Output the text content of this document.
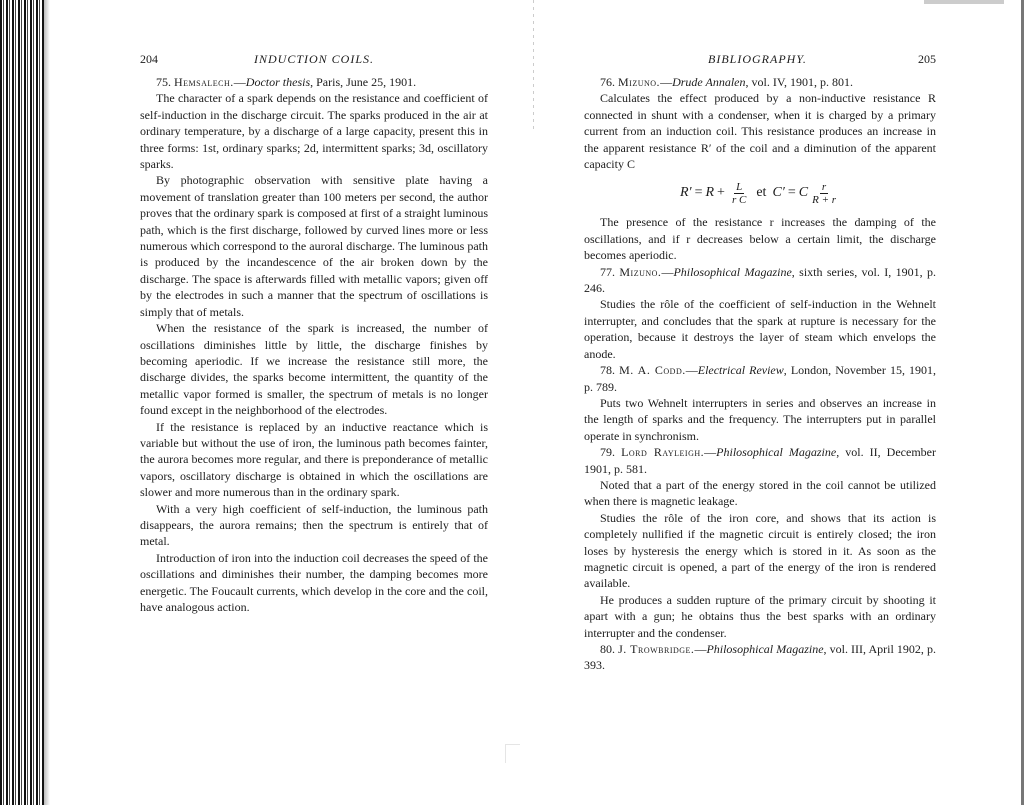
204	INDUCTION COILS.

75. Hemsalech.—Doctor thesis, Paris, June 25, 1901.

The character of a spark depends on the resistance and coefficient of self-induction in the discharge circuit. The sparks produced in the air at ordinary temperature, by a discharge of a large capacity, present this in three forms: 1st, ordinary sparks; 2d, intermittent sparks; 3d, oscillatory sparks.

By photographic observation with sensitive plate having a movement of translation greater than 100 meters per second, the author proves that the ordinary spark is composed at first of a straight luminous path, which is the first discharge, followed by curved lines more or less numerous which correspond to the auroral discharge. The luminous path is produced by the incandescence of the air broken down by the discharge. The space is afterwards filled with metallic vapors; given off by the electrodes in such a manner that the spectrum of oscillations is simply that of metals.

When the resistance of the spark is increased, the number of oscillations diminishes little by little, the discharge finishes by becoming aperiodic. If we increase the resistance still more, the discharge divides, the sparks become intermittent, the quantity of the metallic vapor formed is smaller, the spectrum of metals is no longer found except in the neighborhood of the electrodes.

If the resistance is replaced by an inductive reactance which is variable but without the use of iron, the luminous path becomes fainter, the aurora becomes more regular, and there is preponderance of metallic vapors, oscillatory discharge is obtained in which the oscillations are slower and more numerous than in the ordinary spark.

With a very high coefficient of self-induction, the luminous path disappears, the aurora remains; then the spectrum is entirely that of metal.

Introduction of iron into the induction coil decreases the speed of the oscillations and diminishes their number, the damping becomes more energetic. The Foucault currents, which develop in the core and the coil, have analogous action.

BIBLIOGRAPHY.	205

76. Mizuno.—Drude Annalen, vol. IV, 1901, p. 801.

Calculates the effect produced by a non-inductive resistance R connected in shunt with a condenser, when it is charged by a primary current from an induction coil. This resistance produces an increase in the apparent resistance R′ of the coil and a diminution of the apparent capacity C

$R' = R + \frac{L}{\text{r C}}$ et C′ = C $\frac{r}{R + r}$

The presence of the resistance r increases the damping of the oscillations, and if r decreases below a certain limit, the discharge becomes aperiodic.

77. Mizuno.—Philosophical Magazine, sixth series, vol. I, 1901, p. 246.

Studies the rôle of the coefficient of self-induction in the Wehnelt interrupter, and concludes that the spark at rupture is necessary for the operation, because it destroys the layer of steam which envelops the anode.

78. M. A. Codd.—Electrical Review, London, November 15, 1901, p. 789.

Puts two Wehnelt interrupters in series and observes an increase in the length of sparks and the frequency. The interrupters put in parallel operate in synchronism.

79. Lord Rayleigh.—Philosophical Magazine, vol. II, December 1901, p. 581.

Noted that a part of the energy stored in the coil cannot be utilized when there is magnetic leakage.

Studies the rôle of the iron core, and shows that its action is completely nullified if the magnetic circuit is entirely closed; the iron loses by hysteresis the energy which is stored in it. As soon as the magnetic circuit is opened, a part of the energy of the iron is rendered available.

He produces a sudden rupture of the primary circuit by shooting it apart with a gun; he obtains thus the best sparks with an ordinary interrupter and the condenser.

80. J. Trowbridge.—Philosophical Magazine, vol. III, April 1902, p. 393.
